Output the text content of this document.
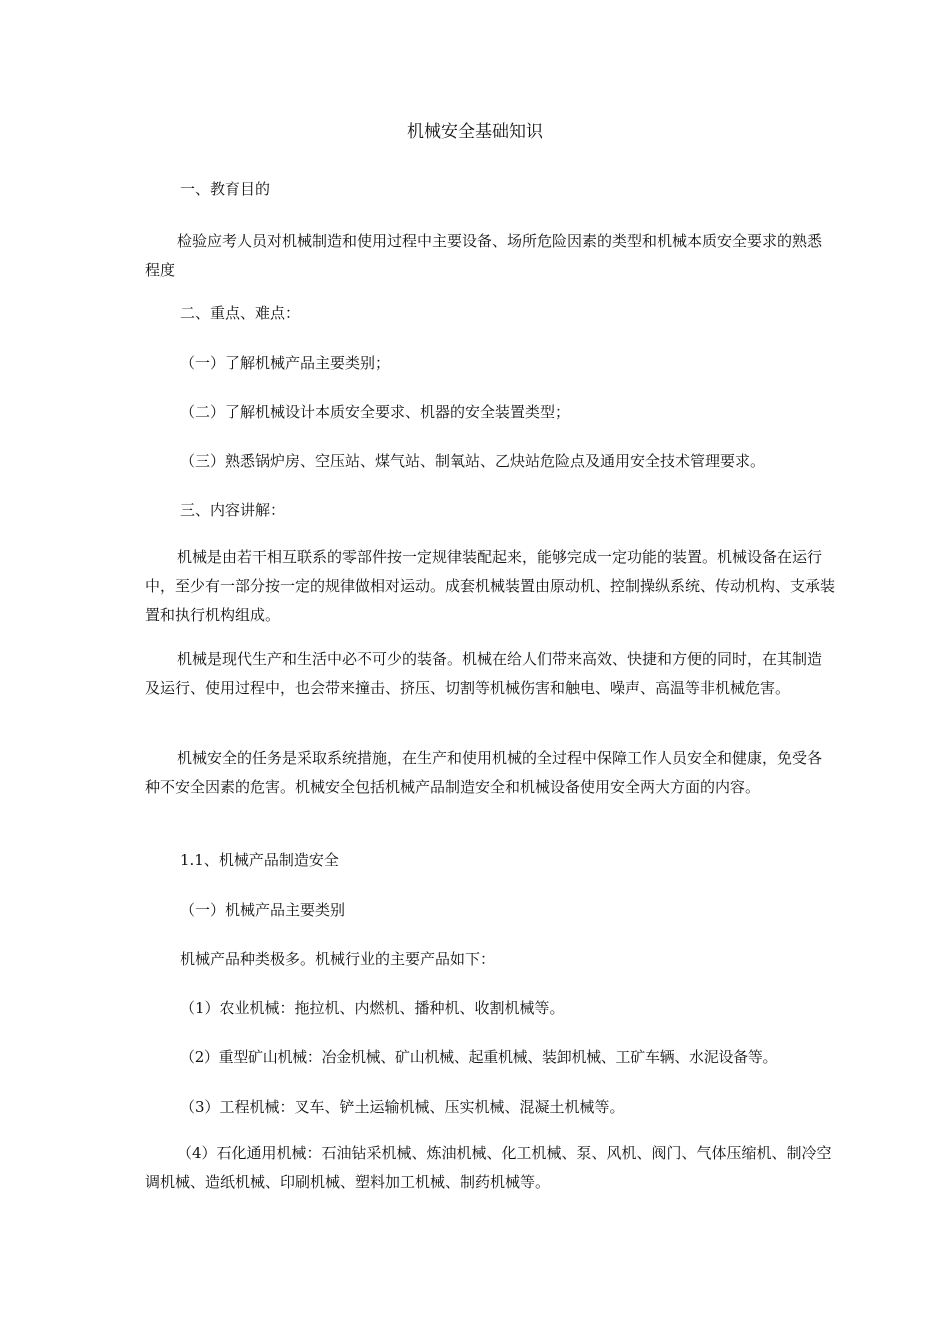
机械安全基础知识

一、教育目的

检验应考人员对机械制造和使用过程中主要设备、场所危险因素的类型和机械本质安全要求的熟悉程度

二、重点、难点：

（一）了解机械产品主要类别；

（二）了解机械设计本质安全要求、机器的安全装置类型；

（三）熟悉锅炉房、空压站、煤气站、制氧站、乙炔站危险点及通用安全技术管理要求。

三、内容讲解：

机械是由若干相互联系的零部件按一定规律装配起来，能够完成一定功能的装置。机械设备在运行中，至少有一部分按一定的规律做相对运动。成套机械装置由原动机、控制操纵系统、传动机构、支承装置和执行机构组成。

机械是现代生产和生活中必不可少的装备。机械在给人们带来高效、快捷和方便的同时，在其制造及运行、使用过程中，也会带来撞击、挤压、切割等机械伤害和触电、噪声、高温等非机械危害。

机械安全的任务是采取系统措施，在生产和使用机械的全过程中保障工作人员安全和健康，免受各种不安全因素的危害。机械安全包括机械产品制造安全和机械设备使用安全两大方面的内容。

1.1、机械产品制造安全

（一）机械产品主要类别

机械产品种类极多。机械行业的主要产品如下：

（1）农业机械：拖拉机、内燃机、播种机、收割机械等。

（2）重型矿山机械：冶金机械、矿山机械、起重机械、装卸机械、工矿车辆、水泥设备等。

（3）工程机械：叉车、铲土运输机械、压实机械、混凝土机械等。

（4）石化通用机械：石油钻采机械、炼油机械、化工机械、泵、风机、阀门、气体压缩机、制冷空调机械、造纸机械、印刷机械、塑料加工机械、制药机械等。
